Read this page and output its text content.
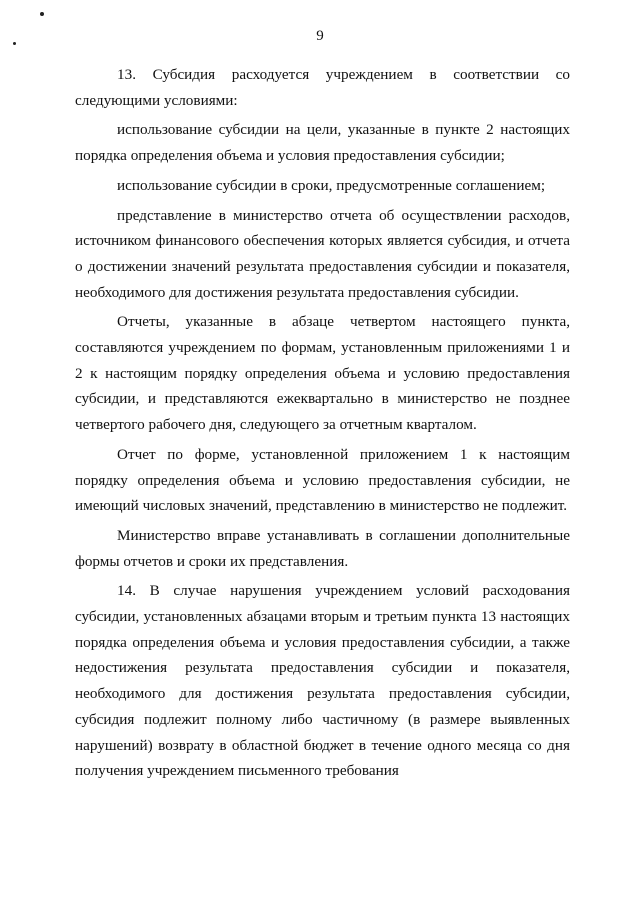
9

13. Субсидия расходуется учреждением в соответствии со следующими условиями:

использование субсидии на цели, указанные в пункте 2 настоящих порядка определения объема и условия предоставления субсидии;

использование субсидии в сроки, предусмотренные соглашением;

представление в министерство отчета об осуществлении расходов, источником финансового обеспечения которых является субсидия, и отчета о достижении значений результата предоставления субсидии и показателя, необходимого для достижения результата предоставления субсидии.

Отчеты, указанные в абзаце четвертом настоящего пункта, составляются учреждением по формам, установленным приложениями 1 и 2 к настоящим порядку определения объема и условию предоставления субсидии, и представляются ежеквартально в министерство не позднее четвертого рабочего дня, следующего за отчетным кварталом.

Отчет по форме, установленной приложением 1 к настоящим порядку определения объема и условию предоставления субсидии, не имеющий числовых значений, представлению в министерство не подлежит.

Министерство вправе устанавливать в соглашении дополнительные формы отчетов и сроки их представления.

14. В случае нарушения учреждением условий расходования субсидии, установленных абзацами вторым и третьим пункта 13 настоящих порядка определения объема и условия предоставления субсидии, а также недостижения результата предоставления субсидии и показателя, необходимого для достижения результата предоставления субсидии, субсидия подлежит полному либо частичному (в размере выявленных нарушений) возврату в областной бюджет в течение одного месяца со дня получения учреждением письменного требования
